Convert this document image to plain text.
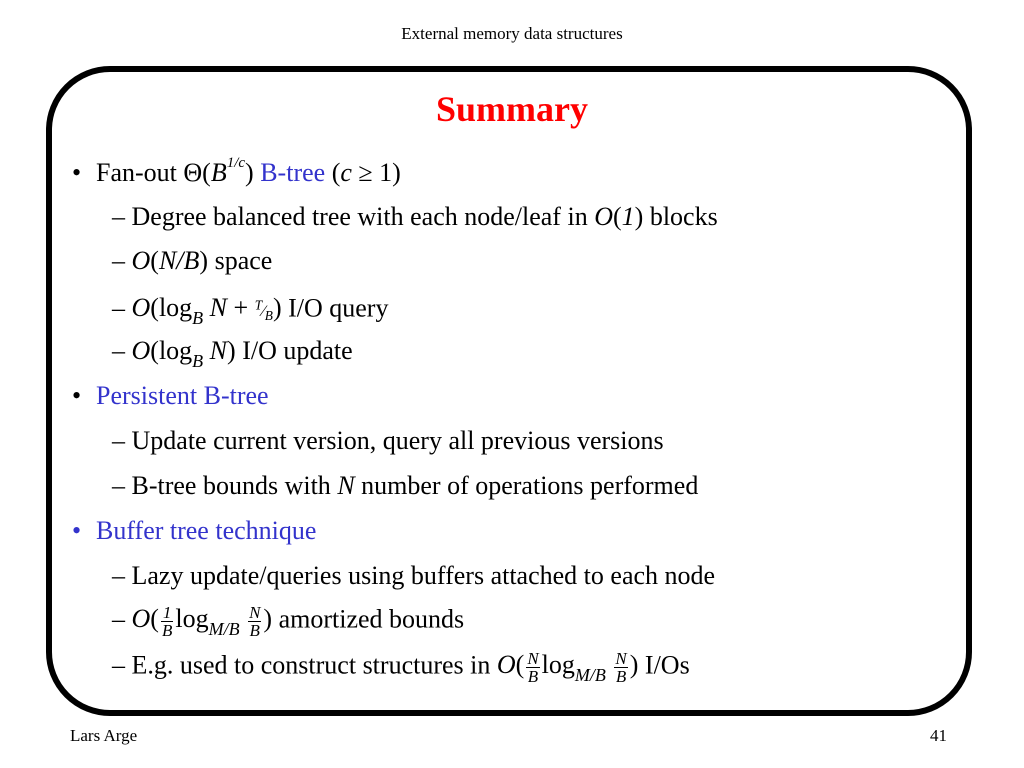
External memory data structures
Summary
• Fan-out $\Theta(B^{1/c})$ B-tree (c ≥ 1)
– Degree balanced tree with each node/leaf in O(1) blocks
– O(N/B) space
– $O(\log_B$ $N + ^T⁄_B$) I/O query
– $O(\log_B$ N) I/O update
• Persistent B-tree
– Update current version, query all previous versions
– B-tree bounds with N number of operations performed
• Buffer tree technique
– Lazy update/queries using buffers attached to each node
– $O( \frac{1}{B} \log_{M/B} \frac{N}{B}$ ) amortized bounds
– E.g. used to construct structures in $O( \frac{N}{B} \log_{M/B} \frac{N}{B}$ ) I/Os
Lars Arge	41
